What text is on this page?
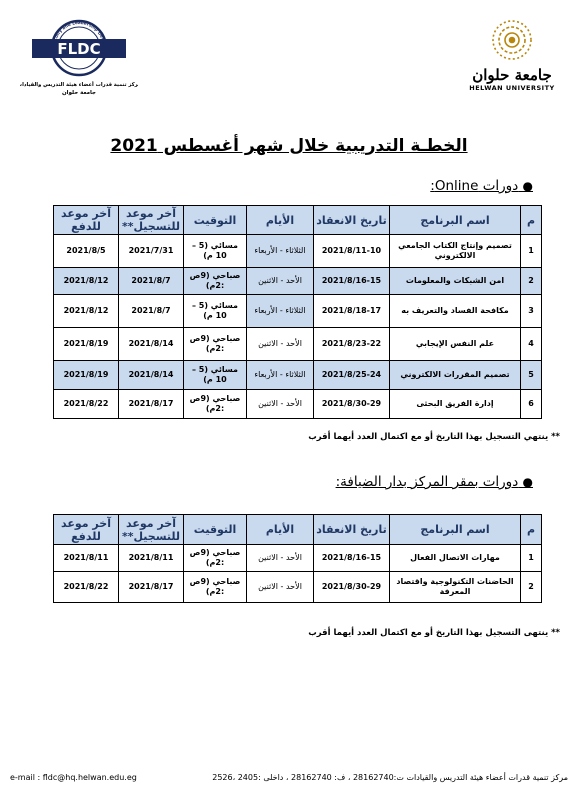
Faculty and Leadership Develo
FLDC
مركز تنمية قدرات أعضاء هيئة التدريس والقيادات
جامعة حلوان
جامعة حلوان
HELWAN UNIVERSITY
الخطـة التدريبية خلال شهر أغسطس 2021
● دورات Online:
م	اسم البرنامج	تاريخ الانعقاد	الأيام	التوقيت	آخر موعد للتسجيل**	آخر موعد للدفع
1	تصميم وإنتاج الكتاب الجامعي الالكتروني	2021/8/11-10	الثلاثاء - الأربعاء	مسائي (5 – 10 م)	2021/7/31	2021/8/5
2	امن الشبكات والمعلومات	2021/8/16-15	الأحد - الاثنين	صباحي (9ص :2م)	2021/8/7	2021/8/12
3	مكافحة الفساد والتعريف به	2021/8/18-17	الثلاثاء - الأربعاء	مسائي (5 – 10 م)	2021/8/7	2021/8/12
4	علم النفس الإيجابي	2021/8/23-22	الأحد - الاثنين	صباحي (9ص :2م)	2021/8/14	2021/8/19
5	تصميم المقررات الالكتروني	2021/8/25-24	الثلاثاء - الأربعاء	مسائي (5 – 10 م)	2021/8/14	2021/8/19
6	إدارة الفريق البحثى	2021/8/30-29	الأحد - الاثنين	صباحي (9ص :2م)	2021/8/17	2021/8/22
** ينتهي التسجيل بهذا التاريخ أو مع اكتمال العدد أيهما أقرب
● دورات بمقر المركز بدار الضيافة:
م	اسم البرنامج	تاريخ الانعقاد	الأيام	التوقيت	آخر موعد للتسجيل**	آخر موعد للدفع
1	مهارات الاتصال الفعال	2021/8/16-15	الأحد - الاثنين	صباحي (9ص :2م)	2021/8/11	2021/8/11
2	الحاضنات التكنولوجية واقتصاد المعرفة	2021/8/30-29	الأحد - الاثنين	صباحي (9ص :2م)	2021/8/17	2021/8/22
** ينتهى التسجيل بهذا التاريخ أو مع اكتمال العدد أيهما أقرب
e-mail : fldc@hq.helwan.edu.eg	مركز تنمية قدرات أعضاء هيئة التدريس والقيادات ت:28162740 ، ف: 28162740 ، داخلى :2405 ،2526
